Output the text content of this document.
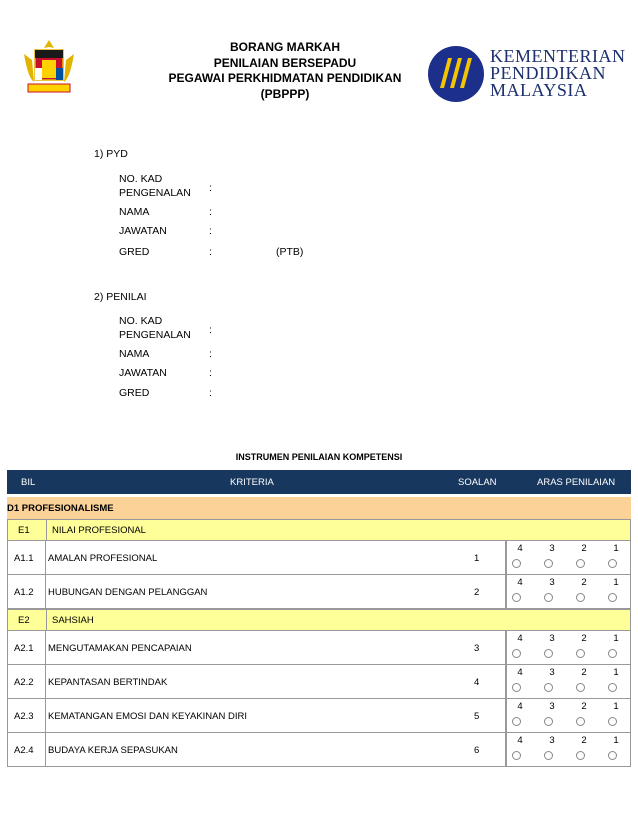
BORANG MARKAH
PENILAIAN BERSEPADU
PEGAWAI PERKHIDMATAN PENDIDIKAN
(PBPPP)
KEMENTERIAN
PENDIDIKAN
MALAYSIA
1) PYD
NO. KAD PENGENALAN	:
NAMA	:
JAWATAN	:
GRED	:	(PTB)
2) PENILAI
NO. KAD PENGENALAN	:
NAMA	:
JAWATAN	:
GRED	:
INSTRUMEN PENILAIAN KOMPETENSI
BIL	KRITERIA	SOALAN	ARAS PENILAIAN
D1 PROFESIONALISME
E1 NILAI PROFESIONAL
A1.1 AMALAN PROFESIONAL	1
4	3	2	1
A1.2 HUBUNGAN DENGAN PELANGGAN	2
4	3	2	1
E2 SAHSIAH
A2.1 MENGUTAMAKAN PENCAPAIAN	3
4	3	2	1
A2.2 KEPANTASAN BERTINDAK	4
4	3	2	1
A2.3 KEMATANGAN EMOSI DAN KEYAKINAN DIRI	5
4	3	2	1
A2.4 BUDAYA KERJA SEPASUKAN	6
4	3	2	1
